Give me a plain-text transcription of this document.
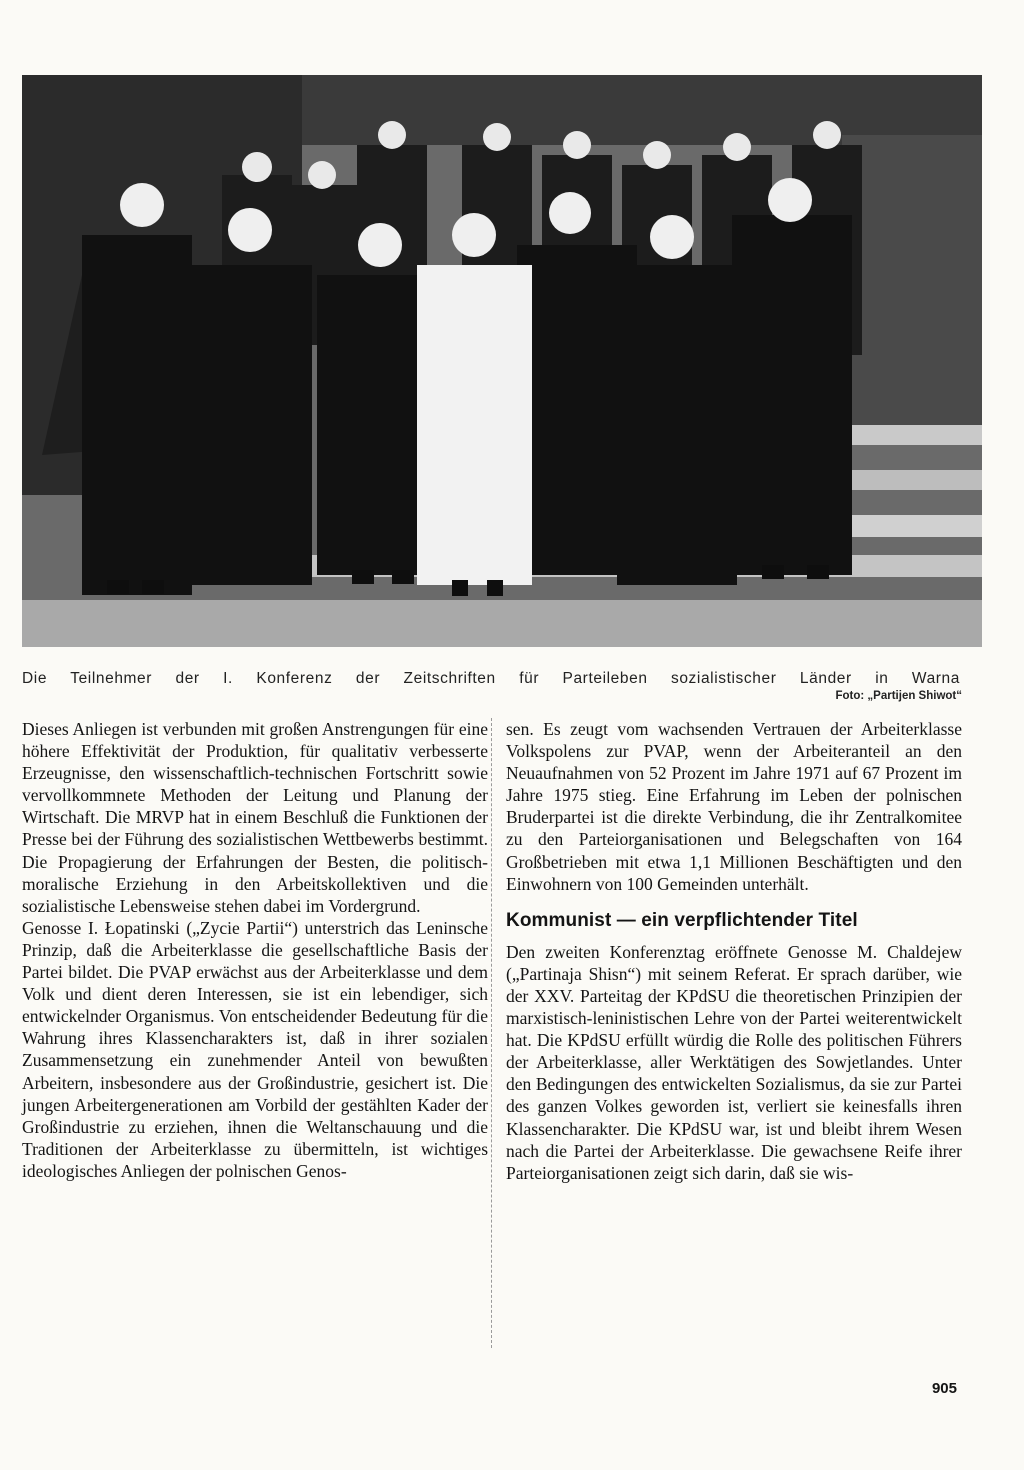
Die Teilnehmer der I. Konferenz der Zeitschriften für Parteileben sozialistischer Länder in Warna
Foto: „Partijen Shiwot“

Dieses Anliegen ist verbunden mit großen Anstrengungen für eine höhere Effektivität der Produktion, für qualitativ verbesserte Erzeugnisse, den wissenschaftlich-technischen Fortschritt sowie vervollkommnete Methoden der Leitung und Planung der Wirtschaft. Die MRVP hat in einem Beschluß die Funktionen der Presse bei der Führung des sozialistischen Wettbewerbs bestimmt. Die Propagierung der Erfahrungen der Besten, die politisch-moralische Erziehung in den Arbeitskollektiven und die sozialistische Lebensweise stehen dabei im Vordergrund.

Genosse I. Łopatinski („Zycie Partii“) unterstrich das Leninsche Prinzip, daß die Arbeiterklasse die gesellschaftliche Basis der Partei bildet. Die PVAP erwächst aus der Arbeiterklasse und dem Volk und dient deren Interessen, sie ist ein lebendiger, sich entwickelnder Organismus. Von entscheidender Bedeutung für die Wahrung ihres Klassencharakters ist, daß in ihrer sozialen Zusammensetzung ein zunehmender Anteil von bewußten Arbeitern, insbesondere aus der Großindustrie, gesichert ist. Die jungen Arbeitergenerationen am Vorbild der gestählten Kader der Großindustrie zu erziehen, ihnen die Weltanschauung und die Traditionen der Arbeiterklasse zu übermitteln, ist wichtiges ideologisches Anliegen der polnischen Genos-

sen. Es zeugt vom wachsenden Vertrauen der Arbeiterklasse Volkspolens zur PVAP, wenn der Arbeiteranteil an den Neuaufnahmen von 52 Prozent im Jahre 1971 auf 67 Prozent im Jahre 1975 stieg. Eine Erfahrung im Leben der polnischen Bruderpartei ist die direkte Verbindung, die ihr Zentralkomitee zu den Parteiorganisationen und Belegschaften von 164 Großbetrieben mit etwa 1,1 Millionen Beschäftigten und den Einwohnern von 100 Gemeinden unterhält.

Kommunist — ein verpflichtender Titel

Den zweiten Konferenztag eröffnete Genosse M. Chaldejew („Partinaja Shisn“) mit seinem Referat. Er sprach darüber, wie der XXV. Parteitag der KPdSU die theoretischen Prinzipien der marxistisch-leninistischen Lehre von der Partei weiterentwickelt hat. Die KPdSU erfüllt würdig die Rolle des politischen Führers der Arbeiterklasse, aller Werktätigen des Sowjetlandes. Unter den Bedingungen des entwickelten Sozialismus, da sie zur Partei des ganzen Volkes geworden ist, verliert sie keinesfalls ihren Klassencharakter. Die KPdSU war, ist und bleibt ihrem Wesen nach die Partei der Arbeiterklasse. Die gewachsene Reife ihrer Parteiorganisationen zeigt sich darin, daß sie wis-

905
